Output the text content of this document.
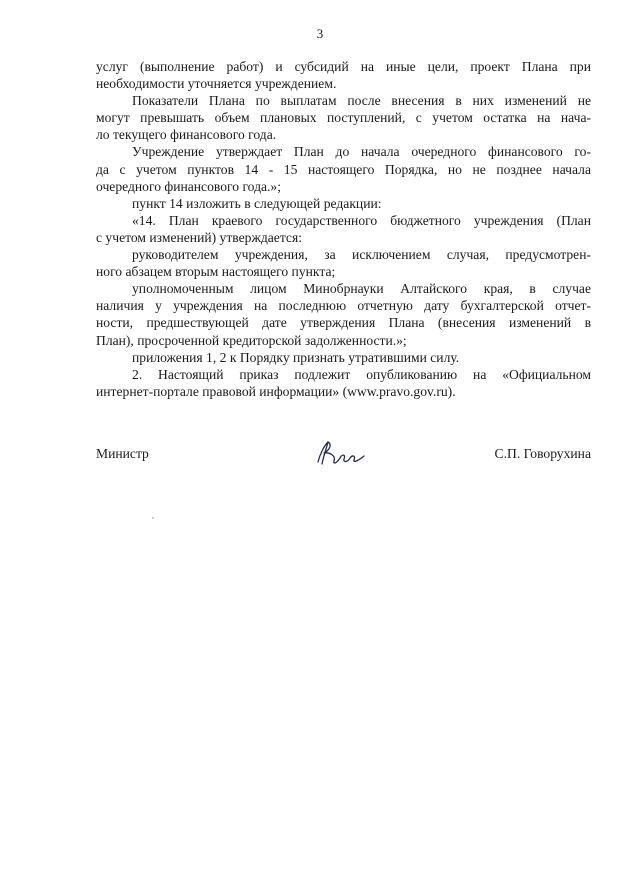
3
услуг (выполнение работ) и субсидий на иные цели, проект Плана при
необходимости уточняется учреждением.
Показатели Плана по выплатам после внесения в них изменений не
могут превышать объем плановых поступлений, с учетом остатка на нача-
ло текущего финансового года.
Учреждение утверждает План до начала очередного финансового го-
да с учетом пунктов 14 - 15 настоящего Порядка, но не позднее начала
очередного финансового года.»;
пункт 14 изложить в следующей редакции:
«14. План краевого государственного бюджетного учреждения (План
с учетом изменений) утверждается:
руководителем учреждения, за исключением случая, предусмотрен-
ного абзацем вторым настоящего пункта;
уполномоченным лицом Минобрнауки Алтайского края, в случае
наличия у учреждения на последнюю отчетную дату бухгалтерской отчет-
ности, предшествующей дате утверждения Плана (внесения изменений в
План), просроченной кредиторской задолженности.»;
приложения 1, 2 к Порядку признать утратившими силу.
2. Настоящий приказ подлежит опубликованию на «Официальном
интернет-портале правовой информации» (www.pravo.gov.ru).
Министр	С.П. Говорухина
